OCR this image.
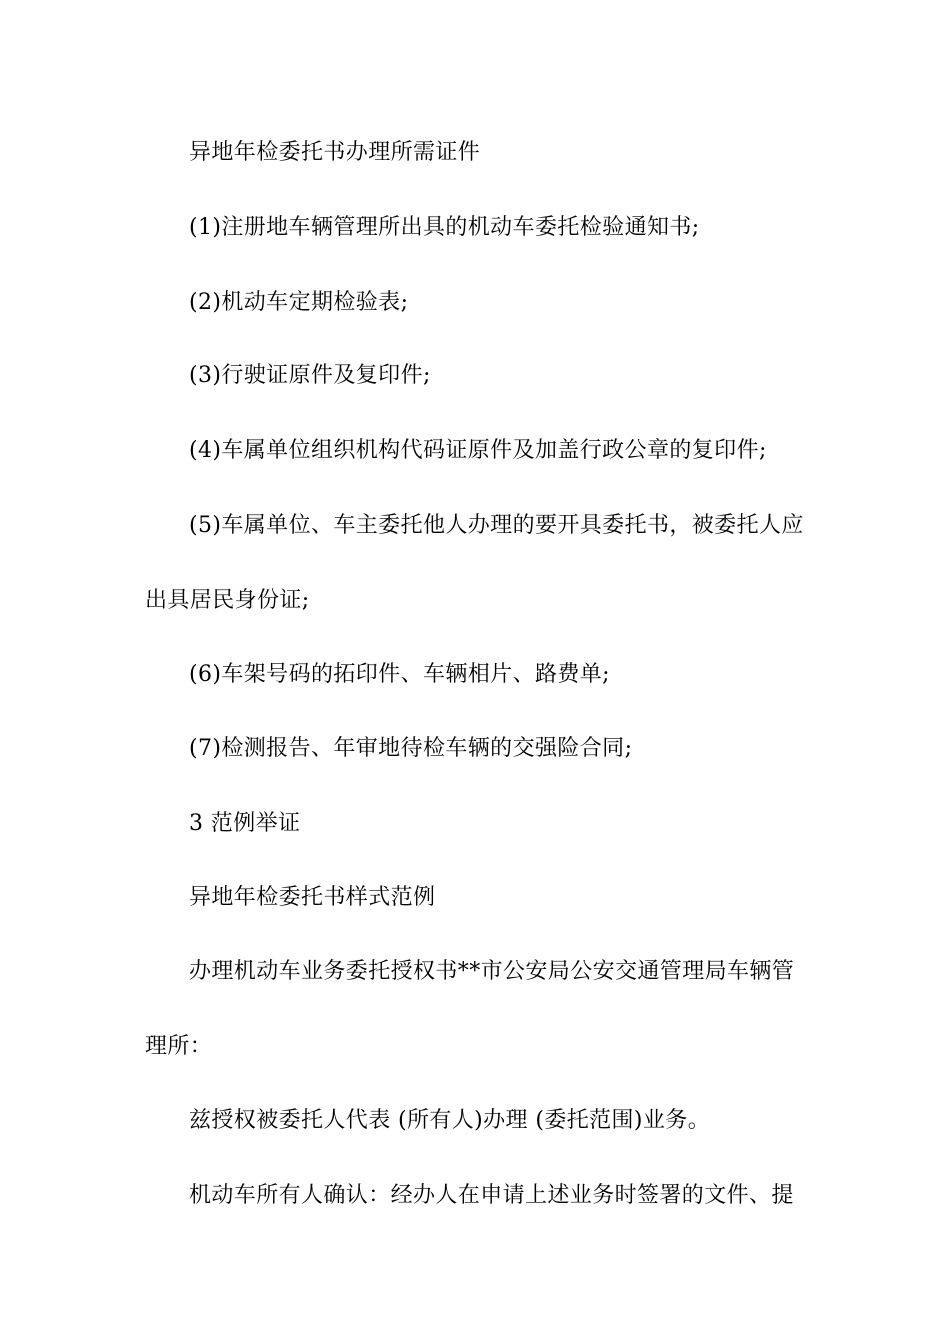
异地年检委托书办理所需证件

(1)注册地车辆管理所出具的机动车委托检验通知书;

(2)机动车定期检验表;

(3)行驶证原件及复印件;

(4)车属单位组织机构代码证原件及加盖行政公章的复印件;

(5)车属单位、车主委托他人办理的要开具委托书，被委托人应出具居民身份证;

(6)车架号码的拓印件、车辆相片、路费单;

(7)检测报告、年审地待检车辆的交强险合同;

3 范例举证

异地年检委托书样式范例

办理机动车业务委托授权书**市公安局公安交通管理局车辆管理所：

兹授权被委托人代表 (所有人)办理 (委托范围)业务。

机动车所有人确认：经办人在申请上述业务时签署的文件、提
